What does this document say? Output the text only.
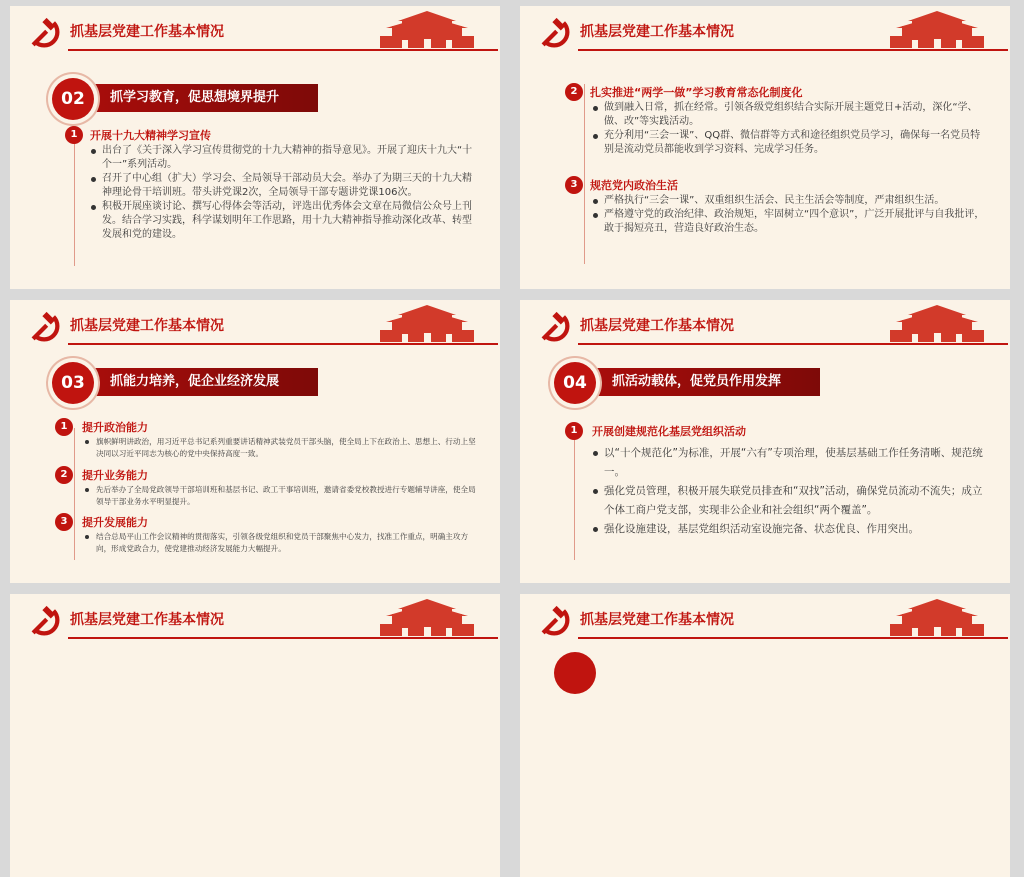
抓基层党建工作基本情况
02	抓学习教育，促思想境界提升
1	开展十九大精神学习宣传
出台了《关于深入学习宣传贯彻党的十九大精神的指导意见》。开展了迎庆十九大“十个一”系列活动。
召开了中心组（扩大）学习会、全局领导干部动员大会。举办了为期三天的十九大精神理论骨干培训班。带头讲党课2次，全局领导干部专题讲党课106次。
积极开展座谈讨论、撰写心得体会等活动，评选出优秀体会文章在局微信公众号上刊发。结合学习实践，科学谋划明年工作思路，用十九大精神指导推动深化改革、转型发展和党的建设。
抓基层党建工作基本情况
2	扎实推进“两学一做”学习教育常态化制度化
做到融入日常，抓在经常。引领各级党组织结合实际开展主题党日+活动，深化“学、做、改”等实践活动。
充分利用“三会一课”、QQ群、微信群等方式和途径组织党员学习，确保每一名党员特别是流动党员都能收到学习资料、完成学习任务。
3	规范党内政治生活
严格执行“三会一课”、双重组织生活会、民主生活会等制度，严肃组织生活。
严格遵守党的政治纪律、政治规矩，牢固树立“四个意识”，广泛开展批评与自我批评，敢于揭短亮丑，营造良好政治生态。
抓基层党建工作基本情况
03	抓能力培养，促企业经济发展
1	提升政治能力
旗帜鲜明讲政治，用习近平总书记系列重要讲话精神武装党员干部头脑，使全局上下在政治上、思想上、行动上坚决同以习近平同志为核心的党中央保持高度一致。
2	提升业务能力
先后举办了全局党政领导干部培训班和基层书记、政工干事培训班，邀请省委党校教授进行专题辅导讲座，使全局领导干部业务水平明显提升。
3	提升发展能力
结合总局平山工作会议精神的贯彻落实，引领各级党组织和党员干部聚焦中心发力，找准工作重点，明确主攻方向，形成党政合力，使党建推动经济发展能力大幅提升。
抓基层党建工作基本情况
04	抓活动载体，促党员作用发挥
1	开展创建规范化基层党组织活动
以“十个规范化”为标准，开展“六有”专项治理，使基层基础工作任务清晰、规范统一。
强化党员管理，积极开展失联党员排查和“双找”活动，确保党员流动不流失；成立个体工商户党支部，实现非公企业和社会组织“两个覆盖”。
强化设施建设，基层党组织活动室设施完备、状态优良、作用突出。
抓基层党建工作基本情况	抓基层党建工作基本情况
